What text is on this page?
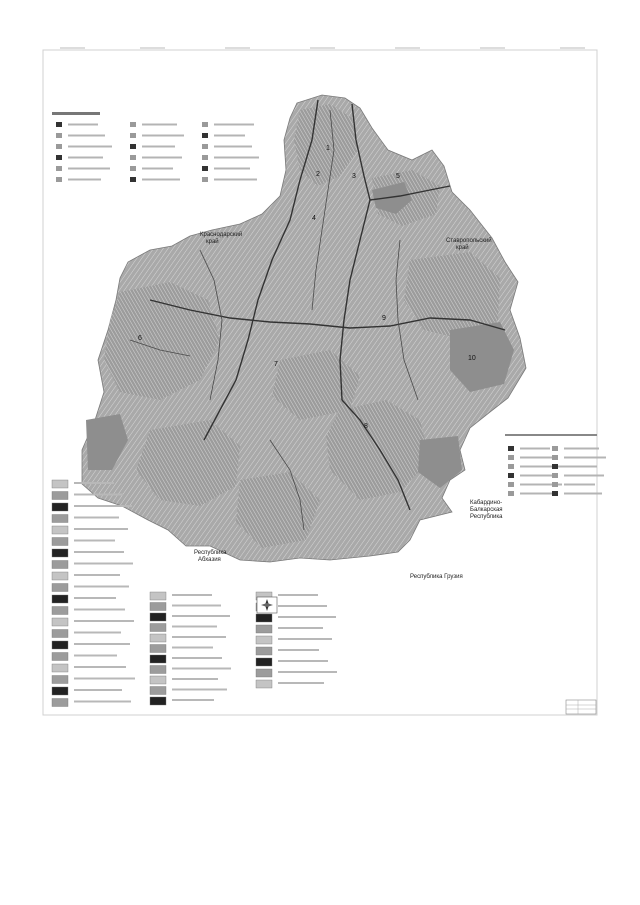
Краснодарский край	Ставропольский край
Кабардино-Балкарская Республика
Республика Абхазия
Республика Грузия
1
2	3
4
5
6
7
8
9
10
